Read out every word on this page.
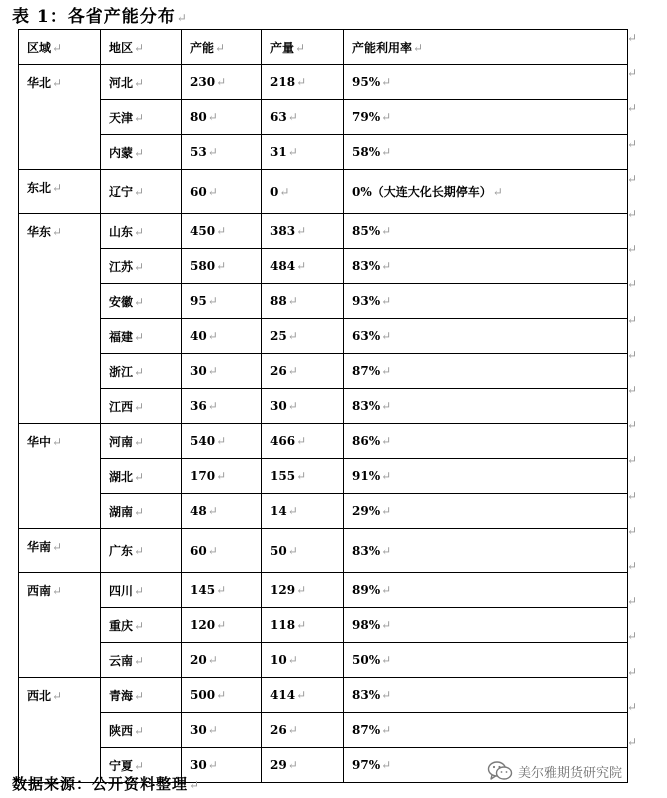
表 1：各省产能分布↵
区域↵	地区↵	产能↵	产量↵	产能利用率↵
华北↵	河北↵	230↵	218↵	95%↵
	天津↵	80↵	63↵	79%↵
	内蒙↵	53↵	31↵	58%↵
东北↵	辽宁↵	60↵	0↵	0%（大连大化长期停车）↵
华东↵	山东↵	450↵	383↵	85%↵
	江苏↵	580↵	484↵	83%↵
	安徽↵	95↵	88↵	93%↵
	福建↵	40↵	25↵	63%↵
	浙江↵	30↵	26↵	87%↵
	江西↵	36↵	30↵	83%↵
华中↵	河南↵	540↵	466↵	86%↵
	湖北↵	170↵	155↵	91%↵
	湖南↵	48↵	14↵	29%↵
华南↵	广东↵	60↵	50↵	83%↵
西南↵	四川↵	145↵	129↵	89%↵
	重庆↵	120↵	118↵	98%↵
	云南↵	20↵	10↵	50%↵
西北↵	青海↵	500↵	414↵	83%↵
	陕西↵	30↵	26↵	87%↵
	宁夏↵	30↵	29↵	97%↵
↵
↵
↵
↵
↵
↵
↵
↵
↵
↵
↵
↵
↵
↵
↵
↵
↵
↵
↵
↵
↵
数据来源：公开资料整理↵
美尔雅期货研究院
